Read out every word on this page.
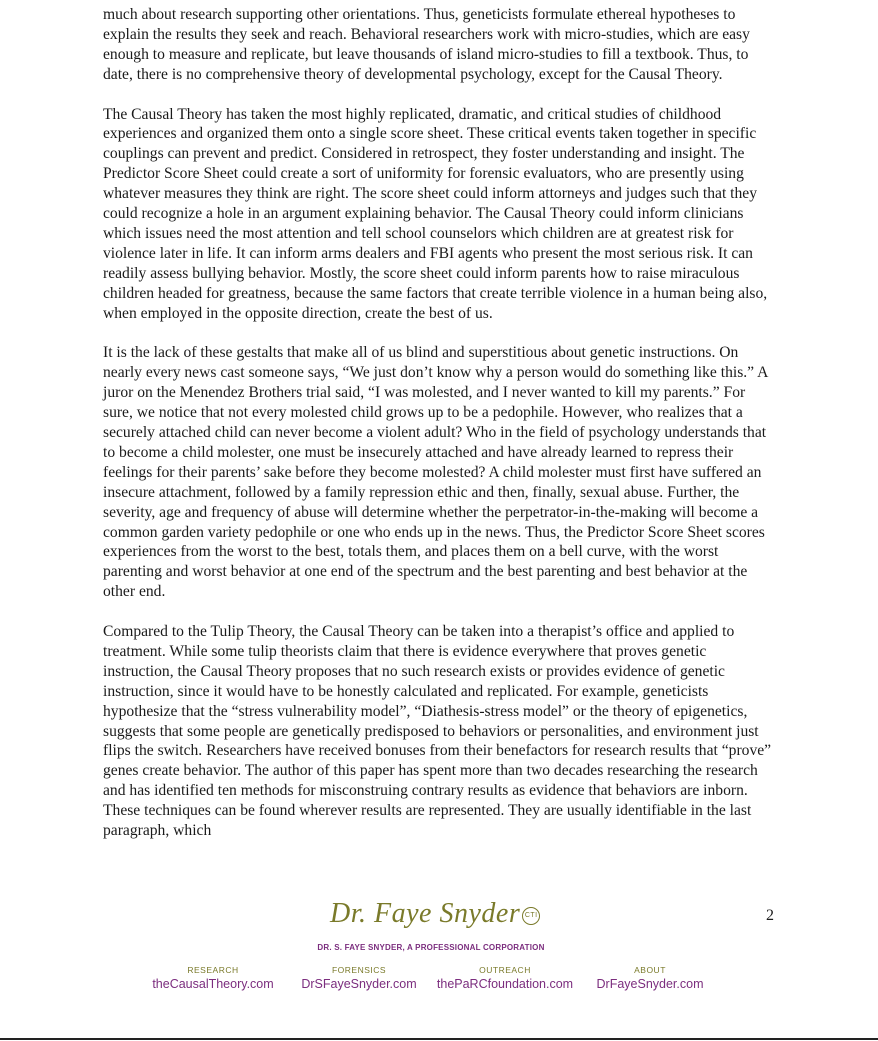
much about research supporting other orientations. Thus, geneticists formulate ethereal hypotheses to explain the results they seek and reach. Behavioral researchers work with micro-studies, which are easy enough to measure and replicate, but leave thousands of island micro-studies to fill a textbook. Thus, to date, there is no comprehensive theory of developmental psychology, except for the Causal Theory.

The Causal Theory has taken the most highly replicated, dramatic, and critical studies of childhood experiences and organized them onto a single score sheet. These critical events taken together in specific couplings can prevent and predict. Considered in retrospect, they foster understanding and insight. The Predictor Score Sheet could create a sort of uniformity for forensic evaluators, who are presently using whatever measures they think are right. The score sheet could inform attorneys and judges such that they could recognize a hole in an argument explaining behavior. The Causal Theory could inform clinicians which issues need the most attention and tell school counselors which children are at greatest risk for violence later in life. It can inform arms dealers and FBI agents who present the most serious risk. It can readily assess bullying behavior. Mostly, the score sheet could inform parents how to raise miraculous children headed for greatness, because the same factors that create terrible violence in a human being also, when employed in the opposite direction, create the best of us.

It is the lack of these gestalts that make all of us blind and superstitious about genetic instructions. On nearly every news cast someone says, “We just don’t know why a person would do something like this.” A juror on the Menendez Brothers trial said, “I was molested, and I never wanted to kill my parents.” For sure, we notice that not every molested child grows up to be a pedophile. However, who realizes that a securely attached child can never become a violent adult? Who in the field of psychology understands that to become a child molester, one must be insecurely attached and have already learned to repress their feelings for their parents’ sake before they become molested? A child molester must first have suffered an insecure attachment, followed by a family repression ethic and then, finally, sexual abuse. Further, the severity, age and frequency of abuse will determine whether the perpetrator-in-the-making will become a common garden variety pedophile or one who ends up in the news. Thus, the Predictor Score Sheet scores experiences from the worst to the best, totals them, and places them on a bell curve, with the worst parenting and worst behavior at one end of the spectrum and the best parenting and best behavior at the other end.

Compared to the Tulip Theory, the Causal Theory can be taken into a therapist’s office and applied to treatment. While some tulip theorists claim that there is evidence everywhere that proves genetic instruction, the Causal Theory proposes that no such research exists or provides evidence of genetic instruction, since it would have to be honestly calculated and replicated. For example, geneticists hypothesize that the “stress vulnerability model”, “Diathesis-stress model” or the theory of epigenetics, suggests that some people are genetically predisposed to behaviors or personalities, and environment just flips the switch. Researchers have received bonuses from their benefactors for research results that “prove” genes create behavior. The author of this paper has spent more than two decades researching the research and has identified ten methods for misconstruing contrary results as evidence that behaviors are inborn. These techniques can be found wherever results are represented. They are usually identifiable in the last paragraph, which

2
Dr. Faye Snyder CTI
DR. S. FAYE SNYDER, A PROFESSIONAL CORPORATION
RESEARCH
theCausalTheory.com
FORENSICS
DrSFayeSnyder.com
OUTREACH
thePaRCfoundation.com
ABOUT
DrFayeSnyder.com
